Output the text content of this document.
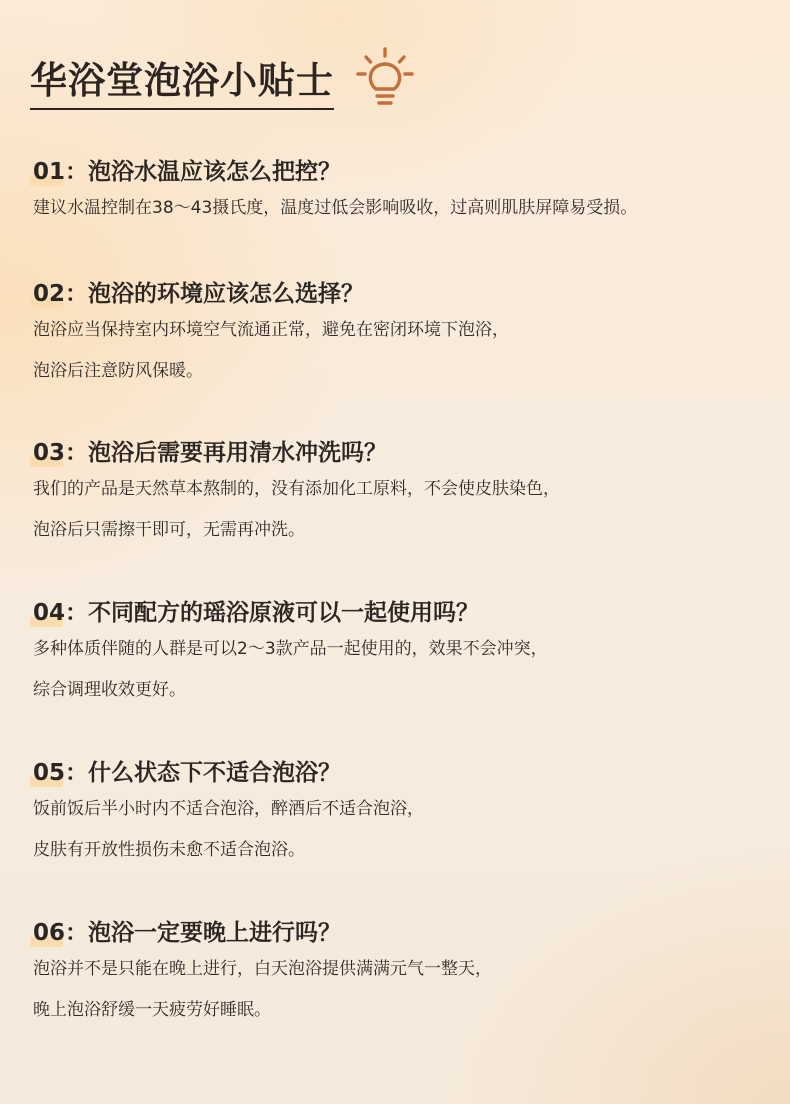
华浴堂泡浴小贴士

01：泡浴水温应该怎么把控？

建议水温控制在38～43摄氏度，温度过低会影响吸收，过高则肌肤屏障易受损。

02：泡浴的环境应该怎么选择？

泡浴应当保持室内环境空气流通正常，避免在密闭环境下泡浴，

泡浴后注意防风保暖。

03：泡浴后需要再用清水冲洗吗？

我们的产品是天然草本熬制的，没有添加化工原料，不会使皮肤染色，

泡浴后只需擦干即可，无需再冲洗。

04：不同配方的瑶浴原液可以一起使用吗？

多种体质伴随的人群是可以2～3款产品一起使用的，效果不会冲突，

综合调理收效更好。

05：什么状态下不适合泡浴？

饭前饭后半小时内不适合泡浴，醉酒后不适合泡浴，

皮肤有开放性损伤未愈不适合泡浴。

06：泡浴一定要晚上进行吗？

泡浴并不是只能在晚上进行，白天泡浴提供满满元气一整天，

晚上泡浴舒缓一天疲劳好睡眠。
